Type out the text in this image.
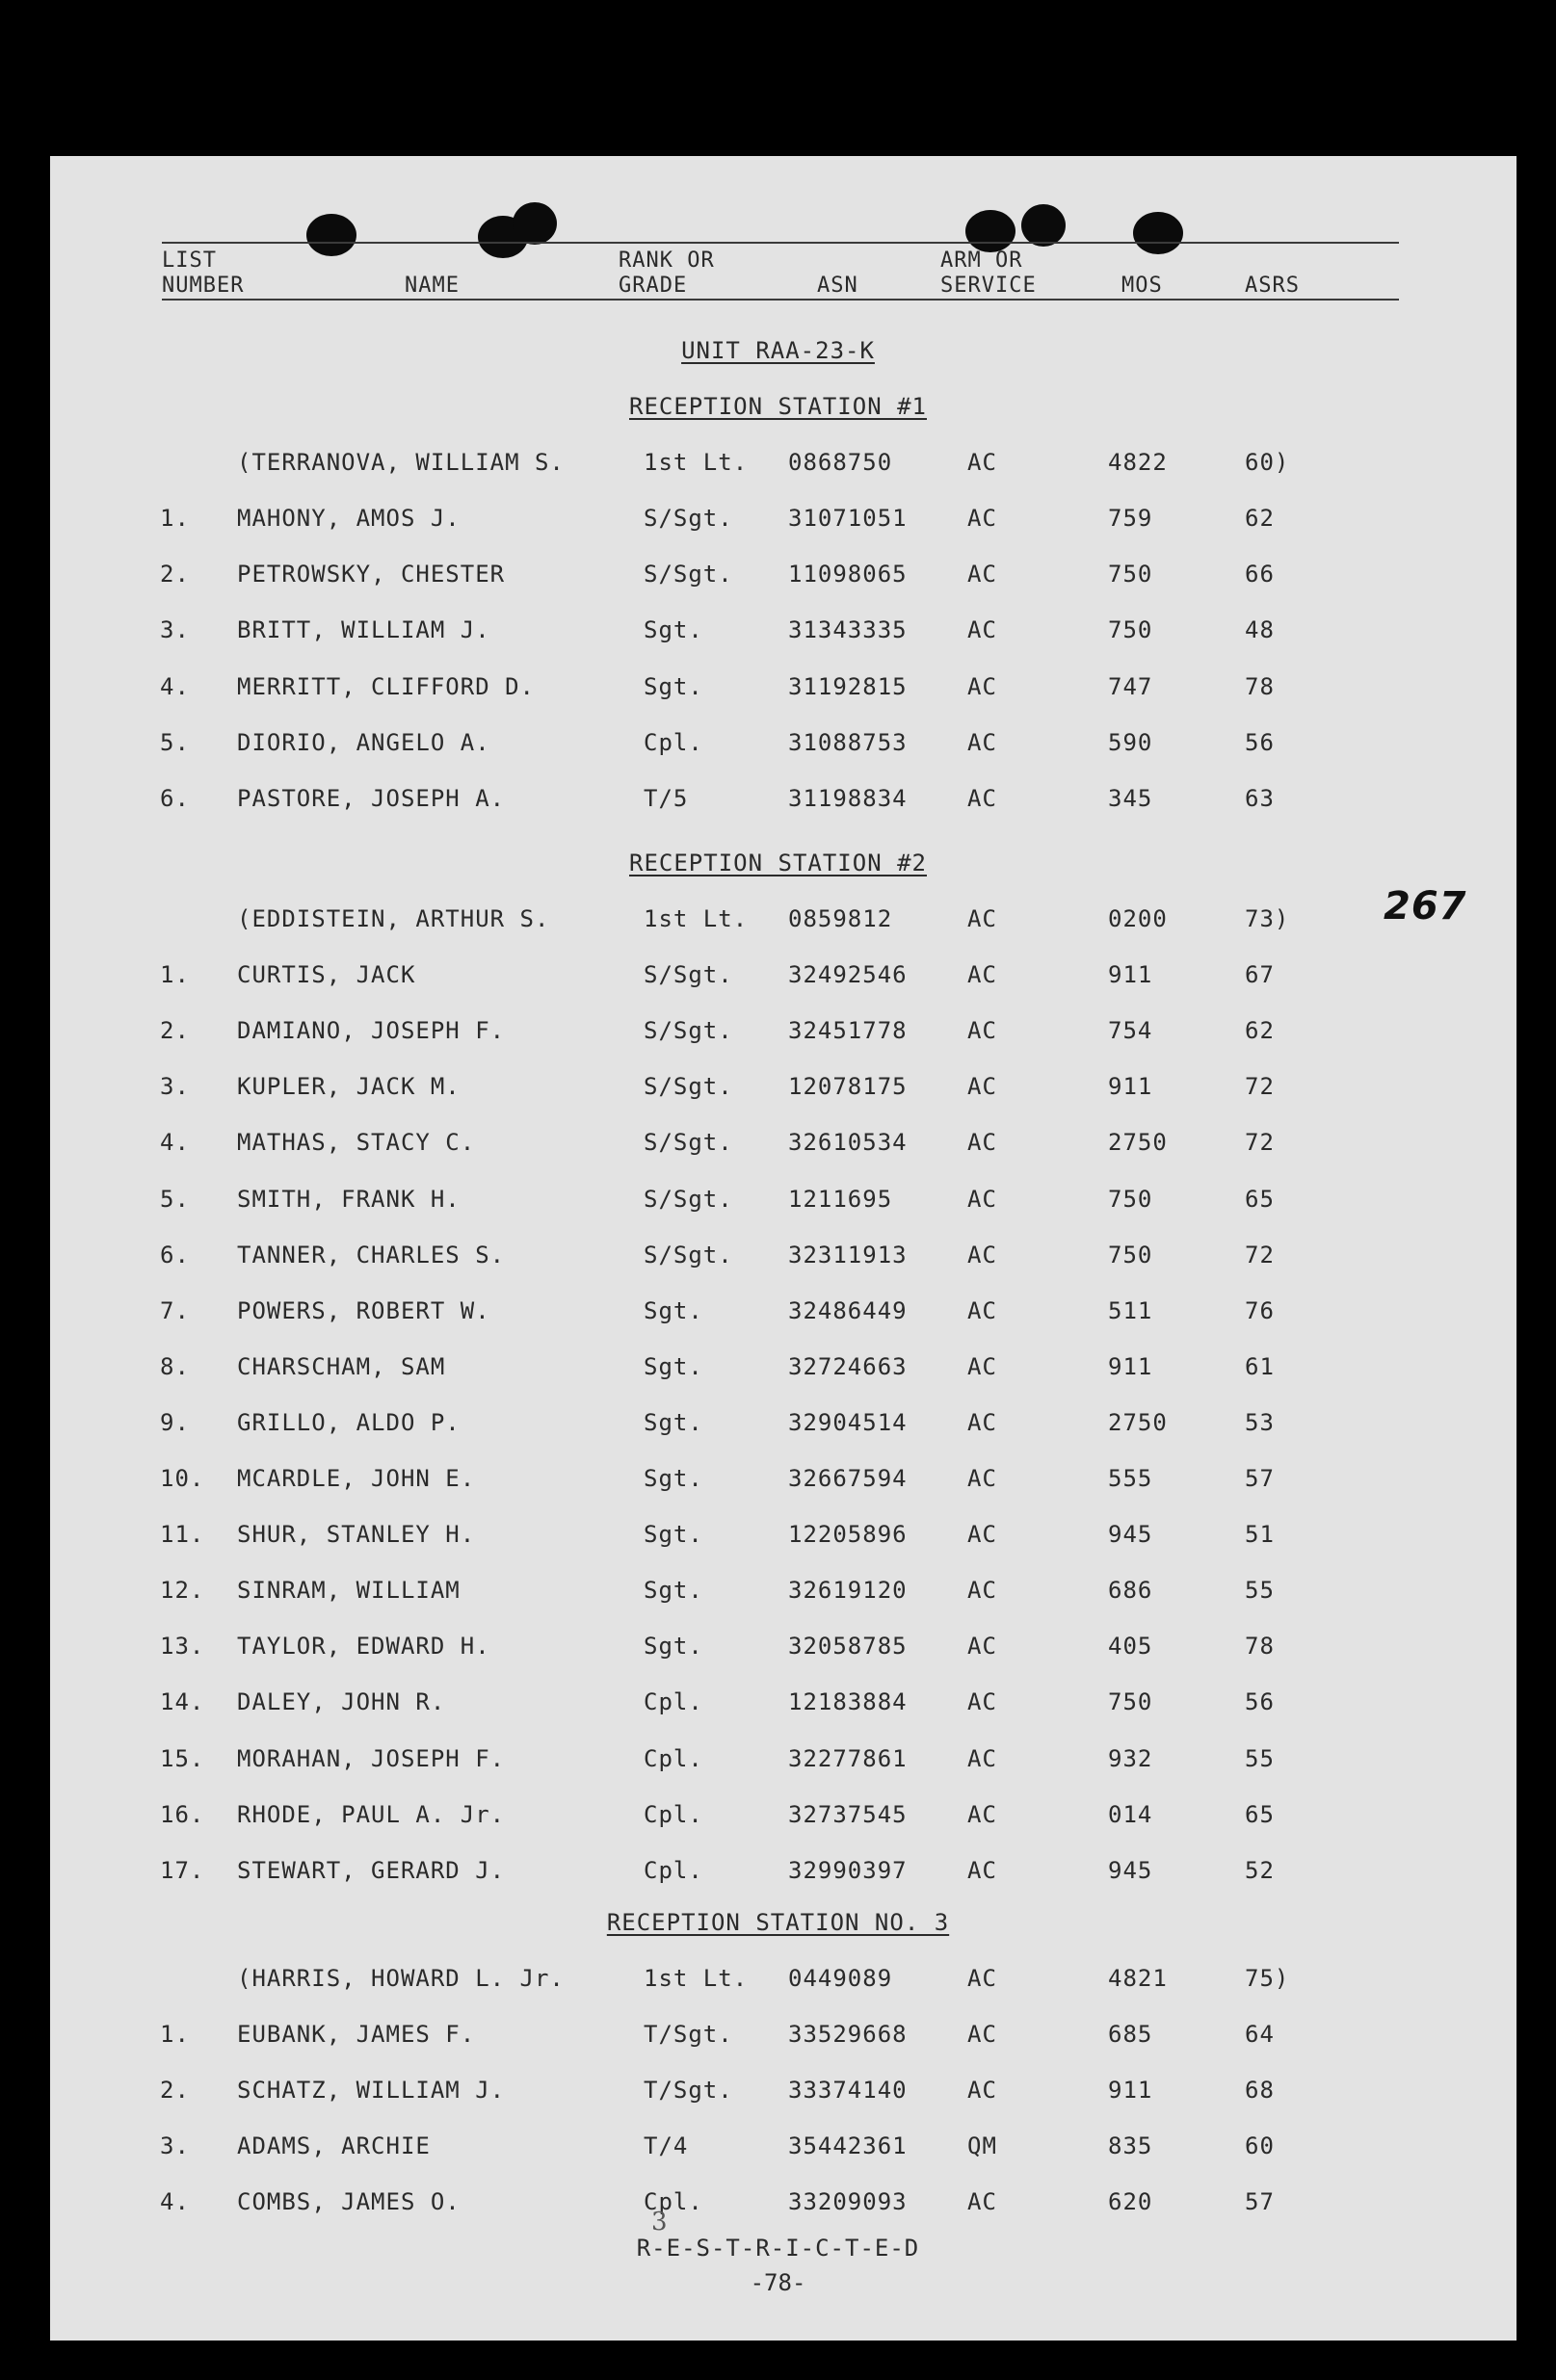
LIST
NUMBER	NAME
RANK OR
GRADE	ASN
ARM OR
SERVICE	MOS	ASRS
UNIT RAA-23-K
267
RECEPTION STATION #1
(TERRANOVA, WILLIAM S.	1st Lt. 0868750	AC	4822	60)
1. MAHONY, AMOS J.	S/Sgt. 31071051	AC	759	62
2. PETROWSKY, CHESTER	S/Sgt. 11098065	AC	750	66
3. BRITT, WILLIAM J.	Sgt.	31343335	AC	750	48
4. MERRITT, CLIFFORD D.	Sgt.	31192815	AC	747	78
5. DIORIO, ANGELO A.	Cpl.	31088753	AC	590	56
6. PASTORE, JOSEPH A.	T/5	31198834	AC	345	63
RECEPTION STATION #2
(EDDISTEIN, ARTHUR S.	1st Lt. 0859812	AC	0200	73)
1. CURTIS, JACK	S/Sgt. 32492546	AC	911	67
2. DAMIANO, JOSEPH F.	S/Sgt. 32451778	AC	754	62
3. KUPLER, JACK M.	S/Sgt. 12078175	AC	911	72
4. MATHAS, STACY C.	S/Sgt. 32610534	AC	2750	72
5. SMITH, FRANK H.	S/Sgt. 1211695	AC	750	65
6. TANNER, CHARLES S.	S/Sgt. 32311913	AC	750	72
7. POWERS, ROBERT W.	Sgt.	32486449	AC	511	76
8. CHARSCHAM, SAM	Sgt.	32724663	AC	911	61
9. GRILLO, ALDO P.	Sgt.	32904514	AC	2750	53
10. MCARDLE, JOHN E.	Sgt.	32667594	AC	555	57
11. SHUR, STANLEY H.	Sgt.	12205896	AC	945	51
12. SINRAM, WILLIAM	Sgt.	32619120	AC	686	55
13. TAYLOR, EDWARD H.	Sgt.	32058785	AC	405	78
14. DALEY, JOHN R.	Cpl.	12183884	AC	750	56
15. MORAHAN, JOSEPH F.	Cpl.	32277861	AC	932	55
16. RHODE, PAUL A. Jr.	Cpl.	32737545	AC	014	65
17. STEWART, GERARD J.	Cpl.	32990397	AC	945	52
RECEPTION STATION NO. 3
(HARRIS, HOWARD L. Jr.	1st Lt. 0449089	AC	4821	75)
1. EUBANK, JAMES F.	T/Sgt. 33529668	AC	685	64
2. SCHATZ, WILLIAM J.	T/Sgt. 33374140	AC	911	68
3. ADAMS, ARCHIE	T/4	35442361	QM	835	60
4. COMBS, JAMES O.	Cpl.	33209093	AC	620	57
3
R-E-S-T-R-I-C-T-E-D
-78-
